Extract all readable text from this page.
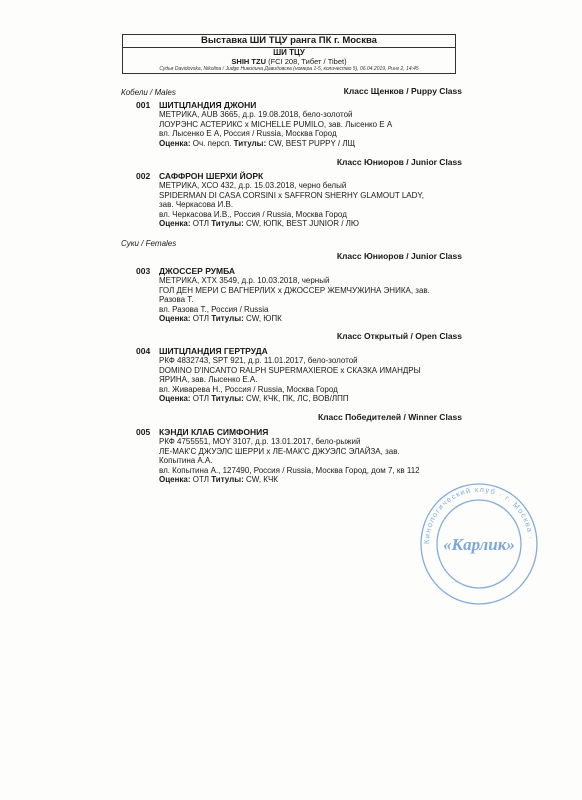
Выставка ШИ ТЦУ ранга ПК г. Москва
ШИ ТЦУ
SHIH TZU (FCI 208, Тибет / Tibet)
Судья Davidovska, Nikolina / Judge Николина Давидовска (номера 1-5, количество 5), 06.04.2019, Ринг 2, 14:45
Кобели / Males	Класс Щенков / Puppy Class
001 ШИТЦЛАНДИЯ ДЖОНИ
МЕТРИКА, AUB 3665, д.р. 19.08.2018, бело-золотой
ЛОУРЭНС АСТЕРИКС x MICHELLE PUMILO, зав. Лысенко Е А
вл. Лысенко Е А, Россия / Russia, Москва Город
Оценка: Оч. персп. Титулы: CW, BEST PUPPY / ЛЩ
Класс Юниоров / Junior Class
002 САФФРОН ШЕРХИ ЙОРК
МЕТРИКА, ХСО 432, д.р. 15.03.2018, черно белый
SPIDERMAN DI CASA CORSINI x SAFFRON SHERHY GLAMOUT LADY,
зав. Черкасова И.В.
вл. Черкасова И.В., Россия / Russia, Москва Город
Оценка: ОТЛ Титулы: CW, ЮПК, BEST JUNIOR / ЛЮ
Суки / Females
Класс Юниоров / Junior Class
003 ДЖОССЕР РУМБА
МЕТРИКА, ХТХ 3549, д.р. 10.03.2018, черный
ГОЛ ДЕН МЕРИ С ВАГНЕРЛИХ x ДЖОССЕР ЖЕМЧУЖИНА ЭНИКА, зав.
Разова Т.
вл. Разова Т., Россия / Russia
Оценка: ОТЛ Титулы: CW, ЮПК
Класс Открытый / Open Class
004 ШИТЦЛАНДИЯ ГЕРТРУДА
РКФ 4832743, SPT 921, д.р. 11.01.2017, бело-золотой
DOMINO D'INCANTO RALPH SUPERMAXIEROE x СКАЗКА ИМАНДРЫ
ЯРИНА, зав. Лысенко Е.А.
вл. Живарева Н., Россия / Russia, Москва Город
Оценка: ОТЛ Титулы: CW, КЧК, ПК, ЛС, BOB/ЛПП
Класс Победителей / Winner Class
005 КЭНДИ КЛАБ СИМФОНИЯ
РКФ 4755551, MOY 3107, д.р. 13.01.2017, бело-рыжий
ЛЕ-МАК'С ДЖУЭЛС ШЕРРИ x ЛЕ-МАК'С ДЖУЭЛС ЭЛАЙЗА, зав.
Копытина А.А.
вл. Копытина А., 127490, Россия / Russia, Москва Город, дом 7, кв 112
Оценка: ОТЛ Титулы: CW, КЧК
Кинологический клуб · г. Москва ·
«Карлик»
